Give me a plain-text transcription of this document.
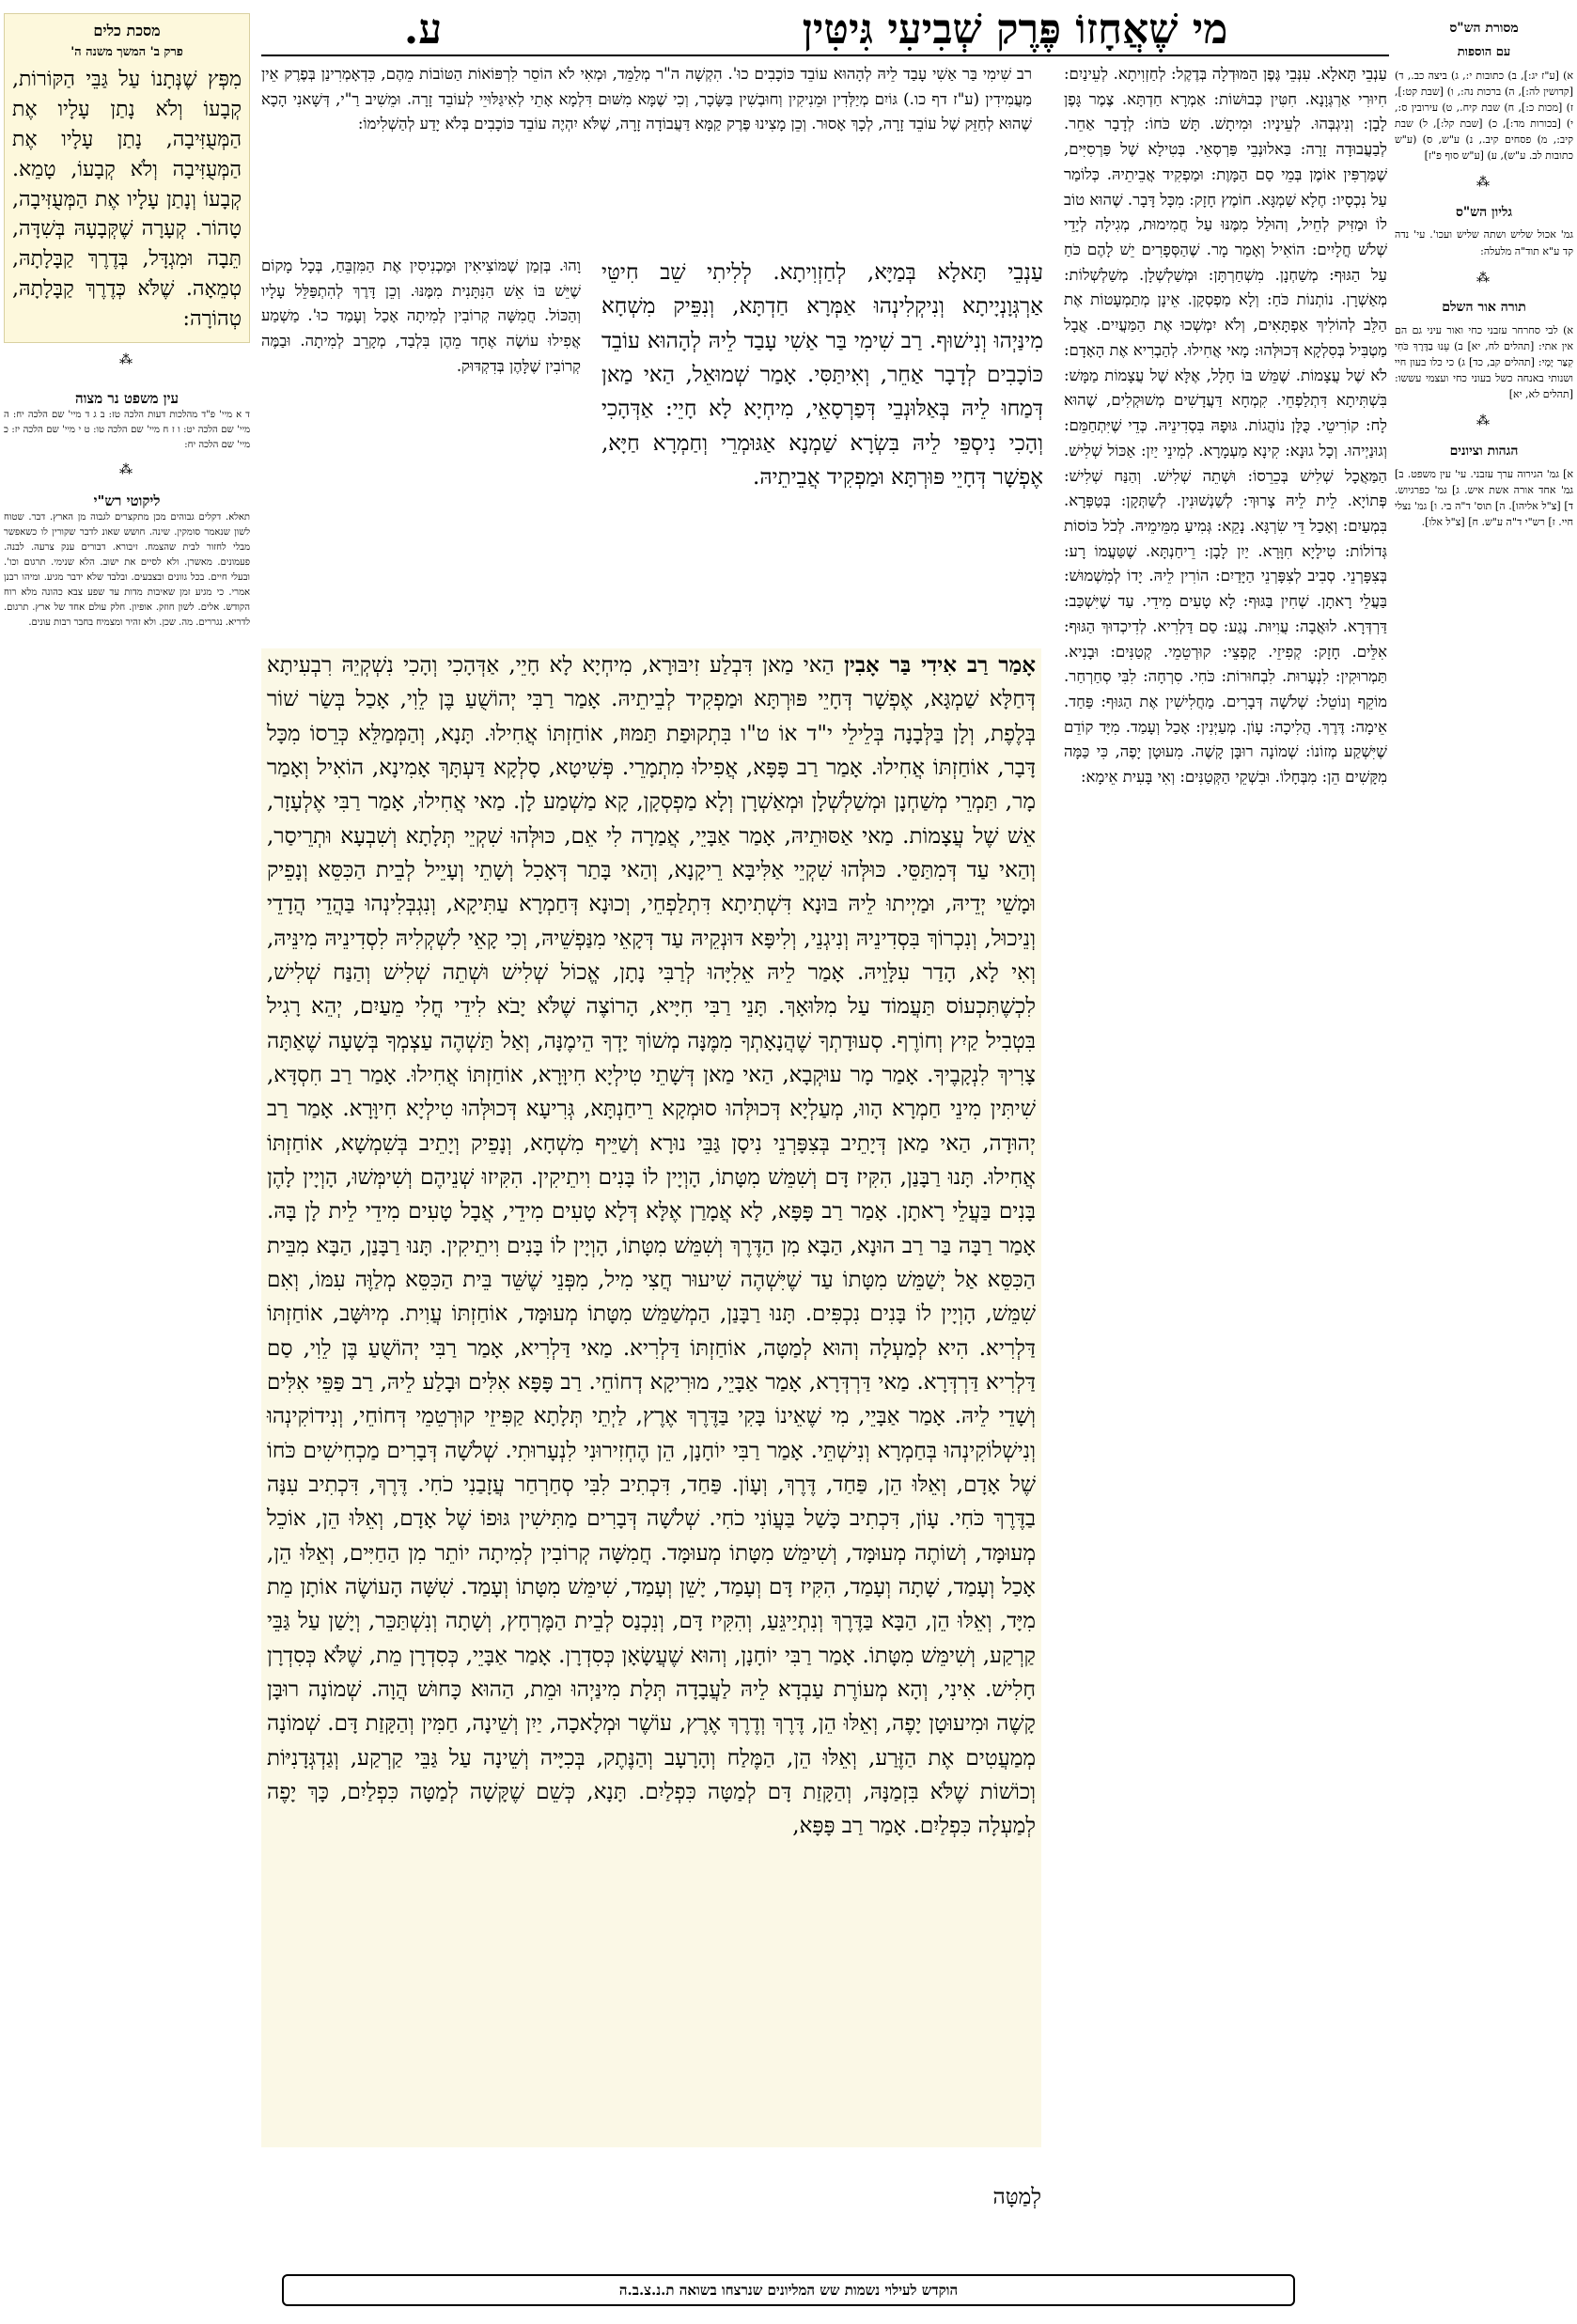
מי שֶׁאֲחָזוֹ פֶּרֶק שְׁבִיעִי גִּיטִּין
ע.	מסורת הש"ס
עם הוספות
א) [ע"ז יג:], ב) כתובות י:, ג) ביצה כב., ד) [קדושין לה:], ה) ברכות נה:, ו) [שבת קט:], ז) [מכות כ:], ח) שבת קיח., ט) עירובין ס:, י) [בכורות מד:], כ) [שבת קל:], ל) שבת קיב:, מ) פסחים קיב., נ) ע"ש, ס) (ע"ש כתובות לב. ע"ש), ע) [ע"ש סוף פ"ז]
⁂
גליון הש"ס
גמ' אכול שליש ושתה שליש ועכו'. עי' נדה קד ע"א תוד"ה מלעלה:
⁂
תורה אור השלם
א) לבי סחרחר עזבני כחי ואור עיני גם הם אין אתי: [תהלים לח, יא] ב) עֵנוּ בַדֶּרֶךְ כֹּחִי קִצַּר יָמָי: [תהלים קב, כד] ג) כי כלו בעון חיי ושנותי באנחה כשל בעוני כחי ועצמי עששו: [תהלים לא, יא]
⁂
הגהות וציונים
א] גמ' הגירוה ערך עזבני. עי' עין משפט. ב] גמ' אחד אורה אשת איש. ג] גמ' כפרגיוש. ד] [צ"ל אליהו]. ה] תוס' ד"ה בי. ו] גמ' נצלי חיי. ז] רש"י ד"ה ע"ש. ח] [צ"ל אלו].
מסכת כלים
פרק ב' המשך משנה ה'
מִפְּץ שֶׁנְּתָנוֹ עַל גַּבֵּי הַקּוֹרוֹת, קְבָעוֹ וְלֹא נָתַן עָלָיו אֶת הַמְּעֻזִּיבָה, נָתַן עָלָיו אֶת הַמְּעֻזִּיבָה וְלֹא קְבָעוֹ, טָמֵא. קְבָעוֹ וְנָתַן עָלָיו אֶת הַמְּעֻזִּיבָה, טָהוֹר. קְעָרָה שֶׁקְּבָעָהּ בְּשִׁדָּה, תֵּבָה וּמִגְדָּל, בְּדֶרֶךְ קַבָּלָתָהּ, טְמֵאָה. שֶׁלֹּא כְּדֶרֶךְ קַבָּלָתָהּ, טְהוֹרָה:
⁂
עין משפט נר מצוה
ד א מיי' פ"ד מהלכות דעות הלכה טז: ב ג ד מיי' שם הלכה יח: ה מיי' שם הלכה יט: ו ז ח מיי' שם הלכה טו: ט י מיי' שם הלכה יז: כ מיי' שם הלכה יח:
⁂
ליקוטי רש"י
תאלא. דקלים גבוהים מכן מתקצרים לגבוה מן הארץ. דבר. שטוח לשון שנאמר סומקין. שינה. חושש שאונ לדבר שקורין לו כשאפשר מבלי לחזור לבית שהצמח. זיבורא. דבורים ענק צרעה. לבנה. פעמונים. מאשרן. ולא לסיים את ישוב. הלא שנימי. תרגום וכו'. ובעלי חיים. בכל גוונים ובצבעים. ובלבד שלא ידבר מגיע. ומיהו רבנן אמרי. כי מגיע זמן שאיבות מדות עד שפע צבא כהונה מלא רוח הקודש. אלים. לשון חוזק. אופיון. חלק עולם אחד של ארץ. תרגום. לדריא. נגררים. מה. שכן. ולא זהיר ומצמיח בחבר רבות עונים.
עַנְבֵי תָּאלָא. עִנְּבֵי גֶּפֶן הַמּוּדְלָה בְּדֶקֶל: לְחַזְוִיתָא. לְעֵינַיִם: חִיוּרִי אַרְגְּוָנָא. חִטִּין כְּבוּשׁוֹת: אַמְרָא חַדְתָּא. צֶמֶר גָּפֶן לָבָן: וְנִיגְבְּהוּ. לְעֵינָיו: וּמִיתָשׁ. תָּשׁ כֹּחוֹ: לְדָבָר אַחֵר. לְבַעֲבוּדָה זָרָה: בַּאלוּנְבֵי פַּרְסְאֵי. בְּטִילָא שֶׁל פַּרְסִיִּים, שֶׁמַּרְפִּין אוֹמֶן בְּמֵי סַם הַמָּוֶת: וּמַפְקִיד אֲבֵיתֵיהּ. כְּלוֹמַר עַל נִכְסָיו: חֶלָא שַׁמְגָּא. חוֹמֶץ חָזָק: מִכָּל דָּבָר. שֶׁהוּא טוֹב לוֹ וּמַזִּיק לְחֵיל, וְהוּלַל מִמֶּנּוּ עַל חֲמִימוּת, מְגִילָה לְיָדֵי שְׁלֹשׁ חֳלָיִים: הוֹאִיל וְאָמַר מָר. שֶׁהַסְּפָרִים יֵשׁ לָהֶם כֹּחַ עַל הַגּוּף: מְשַׁחְנָן. מִשְׁחַרְתָּן: וּמְשַׁלְשְׁלָן. מְשַׁלְשְׁלוֹת: מְאַשְׁרָן. נוֹתְנוֹת כֹּחַ: וְלָא מַפְסְקָן. אֵינָן מְתַמְעָטוֹת אֶת הַלֵּב לְהוֹלִיךְ אַפְתָּאִים, וְלֹא יִמְשְׁכוּ אֶת הַמַּעֲיִים. אֲבָל מַטְבִּיל בְּסִלְקָא דְּכוּלְּהוּ: מָאי אֲחִילוּ. לְהַבְרִיא אֶת הָאָדָם: לֹא שֶׁל עֲצָמוֹת. שֶׁמֵּשׁ בּוֹ חָלָל, אֶלָּא שֶׁל עֲצָמוֹת מַמָּשׁ: בִּשְׁתִּיתָא דִּתְלַפְחֵי. קִמְחָא דַּעֲדָשִׁים מְשׁוּקְלִים, שֶׁהוּא לָח: קוֹרִיטֵי. כֻּלָּן נוֹהֲגוֹת. גּוּפָהּ בִּסְדִינֵיהּ. כְּדֵי שֶׁיִּתְחַמֵּם: וְגוּנַיְיהוּ. וְכָל גוּנָא: קִינָא מַעְמָרָא. לְמִינֵי יַיִן: אַכּוֹל שְׁלִישׁ. הַמַּאֲכָל שְׁלִישׁ בְּכֵרֵסוֹ: וּשְׁתֵה שְׁלִישׁ. וְהַנַּח שְׁלִישׁ: פְּתוֹיָא. לֵית לֵיהּ צָרוּךְ: לְשַׁנְשׁוּנִין. לְשַׁתְּקָן: בְּטַפְּרָא. בִּמְעַיִם: וְאָכַל דֵּי שִׂרְגָּא. נָקֵא: גְּמִיעַ מִמֵּימֵיהּ. לְכֹל כּוֹסוֹת גְּדוֹלוֹת: טִילָיָא חִוָּרָא. יַיִן לָבָן: רֵיחַנְתָּא. שֶׁטַּעֲמוֹ רָע: בְּצִפָּרְנֵי. סְבִיב לְצִפָּרְנֵי הַיָּדַיִם: הוֹרִין לֵיהּ. יָדוֹ לְמִשְׁמוּשׁ: בַּעֲלֵי רָאתָן. שְׁחִין בַּגּוּף: לָא טָעִים מִידֵי. עַד שֶׁיִּשְׁכַּב: דַּרְדְּרָא. לוּאֲבָה: עֲוִיוּת. נֶגַע: סַם דַּלְרִיא. לְדִיכְדוּךְ הַגּוּף: אִלֵּים. חָזָק: קְפִיזֵי. קָפְצֵי: קוּרְטֵמֵי. קְטַנִּים: וּבָנִיא. תַּמְרוּקִין: לִנְעָרוּת. לִבְחוּרוֹת: כֹּחִי. סִרְחָה: לִבִּי סְחַרְחַר. מוֹקֵף וְנוֹטֵל: שְׁלֹשָׁה דְּבָרִים. מַחֲלִישִׁין אֶת הַגּוּף: פַּחַד. אֵימָה: דֶּרֶךְ. הֲלִיכָה: עָוֹן. מְעַיְּנִין: אָכַל וְעָמַד. מִיָּד קוֹדֵם שֶׁיִּשְׁקַע מְזוֹנוֹ: שְׁמוֹנָה רוּבָּן קָשֶׁה. מִעוּטָן יָפֶה, כִּי כַּמָּה מִקָּשִׁים הֵן: מִבְּחָלוֹ. וּבִשְׁקֵי הַקְּטַנִּים: וְאִי בָּעִית אֵימָא:
רב שִׁימִי בַּר אַשִׁי עָבַד לֵיהּ לְהָהוּא עוֹבֵד כּוֹכָבִים כוּ'. הִקְשָׁה ה"ר מְלַמֵּד, וּמְאִי לֹא הוֹסֵר לִרְפּוֹאוֹת הַטּוֹבוֹת מֵהֶם, כִּדְאָמְרִינַן בְּפֶרֶק אֵין מַעֲמִידִין (ע"ז דף כו.) גּוֹיִם מְיַלְּדִין וּמֵנִיקִין וְחוּבְשִׁין בַּשָּׂכָר, וְכִי שֶׁמָּא מִשּׁוּם דִּלְמָא אָתֵי לְאִיגַּלּוּיֵי לְעוֹבֵד זָרָה. וּמֵשִׁיב רַ"י, דְּשָׁאנִי הָכָא שֶׁהוּא לְחַזֵּק שֶׁל עוֹבֵד זָרָה, לְכָךְ אָסוּר. וְכֵן מָצִינוּ פֶּרֶק קַמָּא דַּעֲבוֹדָה זָרָה, שֶׁלֹּא יִהְיֶה עוֹבֵד כּוֹכָבִים בְּלֹא יָדַע לְהַשְׁלִימוֹ:
וָהוּ. בְּזְמַן שֶׁמּוֹצִיאִין וּמַכְנִיסִין אֶת הַמִּזְבֵּחַ, בְּכָל מָקוֹם שֶׁיֵּשׁ בּוֹ אֵשׁ הַנִּתָּנִית מִמֶּנּוּ. וְכֵן דָּרֶךְ לְהִתְפַּלֵּל עָלָיו וְהַכּוֹל. חֲמִשָּׁה קְרוֹבִין לְמִיתָה אָכַל וְעָמַד כוּ'. מַשְׁמַע אֲפִילוּ עוֹשֶׂה אֶחָד מֵהֶן בִּלְבַד, מְקָרֵב לְמִיתָה. וּבַמֶּה קְרוֹבִין שֶׁלָּהֶן בְּדִקְדּוּק.
עַנְבֵי תָּאלָא בְּמַיָּא, לְחַזְוִיתָא. לְלִיתִי שֵׁב חִיטֵּי אַרְגְּוָנְיָיתָא וְנִיקְלִינְהוּ אַמְּרָא חַדְתָּא, וְנִפֵּיק מִשְׁחָא מִינַּיְהוּ וְנִישׁוּף. רַב שִׁימִי בַּר אַשִׁי עָבַד לֵיהּ לְהָהוּא עוֹבֵד כּוֹכָבִים לְדָבָר אַחֵר, וְאִיתַּסִּי. אָמַר שְׁמוּאֵל, הַאי מַאן דְּמַחוּ לֵיהּ בְּאַלּוּנְבֵי דְּפַרְסָאֵי, מִיחְיָא לָא חָיֵי: אַדְּהָכִי וְהָכִי נִיסְפֵּי לֵיהּ בִּשְׂרָא שַׁמְנָא אַגּוּמְרֵי וְחַמְרָא חַיָּא, אֶפְשָׁר דְּחָיֵי פּוּרְתָּא וּמַפְקִיד אֲבֵיתֵיהּ.
אָמַר רַב אִידִי בַּר אָבִין הַאי מַאן דִּבְלַע זִיבּוּרָא, מִיחְיָא לָא חָיֵי, אַדְּהָכִי וְהָכִי נִשְׁקְיֵהּ רִבְעִיתָא דְּחַלָּא שַׁמְגָּא, אֶפְשָׁר דְּחָיֵי פּוּרְתָּא וּמַפְקִיד לְבֵיתֵיהּ. אָמַר רַבִּי יְהוֹשֻׁעַ בֶּן לֵוִי, אָכַל בְּשַׂר שׁוֹר בְּלֶפֶת, וְלָן בַּלְּבָנָה בְּלֵילֵי י"ד אוֹ ט"ו בִּתְקוּפַת תַּמּוּז, אוֹחַזְתּוֹ אֲחִילוּ. תָּנָא, וְהַמְּמַלֵּא כְּרֵסוֹ מִכָּל דָּבָר, אוֹחַזְתּוֹ אֲחִילוּ. אָמַר רַב פָּפָּא, אֲפִילוּ מִתְמָרֵי. פְּשִׁיטָא, סָלְקָא דַּעְתָּךְ אָמִינָא, הוֹאִיל וְאָמַר מָר, תַּמְרֵי מְשַׁחְנָן וּמְשַׁלְשְׁלָן וּמְאַשְׁרָן וְלָא מַפְסְקָן, קָא מַשְׁמַע לָן. מַאי אֲחִילוּ, אָמַר רַבִּי אֶלְעָזָר, אֵשׁ שֶׁל עֲצָמוֹת. מַאי אַסּוּתֵיהּ, אָמַר אַבָּיֵי, אֲמַרָה לִי אֵם, כּוּלְּהוּ שִׁקְיֵי תְּלָתָא וְשִׁבְעָא וּתְרֵיסַר, וְהַאי עַד דְּמִתַּסֵּי. כּוּלְּהוּ שִׁקְיֵי אַלִּיבָּא רֵיקָנָא, וְהַאי בָּתַר דְּאָכִל וְשָׁתֵי וְעָיֵיל לְבֵית הַכִּסֵּא וְנָפֵיק וּמָשֵׁי יְדֵיהּ, וּמַיְיתוּ לֵיהּ בּוּנָא דִּשְׁתִיתָא דִּתְלַפְחֵי, וְכוּנָא דְּחַמְרָא עַתִּיקָא, וְנִגְבְּלִינְהוּ בַּהֲדֵי הֲדָדֵי וְנֵיכוּל, וְנִכְרוֹךְ בִּסְדִינֵיהּ וְנִיגְנֵי, וְלִיפָּא דּוּנְקֵיהּ עַד דְּקָאֵי מִנַּפְשֵׁיהּ, וְכִי קָאֵי לִשְׁקְלִיהּ לִסְדִינֵיהּ מִינֵּיהּ, וְאִי לָא, הָדַר עִלָּוֵיהּ. אָמַר לֵיהּ אֵלִיָּהוּ לְרַבִּי נָתָן, אֱכוֹל שְׁלִישׁ וּשְׁתֵה שְׁלִישׁ וְהַנַּח שְׁלִישׁ, לִכְשֶׁתִּכְעוֹס תַּעֲמוֹד עַל מִלּוּאָךְ. תָּנֵי רַבִּי חִיָּיא, הָרוֹצֶה שֶׁלֹּא יָבֹא לִידֵי חֳלִי מֵעַיִם, יְהֵא רָגִיל בִּטְבִיל קַיִץ וְחוֹרֶף. סְעוּדָתְךָ שֶׁהֲנָאָתְךָ מִמֶּנָּה מְשׁוֹךְ יָדְךָ הֵימֶנָּה, וְאַל תַּשְׁהֶה עַצְמְךָ בְּשָׁעָה שֶׁאַתָּה צָרִיךְ לִנְקָבֶיךָ. אָמַר מָר עוּקְבָא, הַאי מַאן דְּשָׁתֵי טִילְיָא חִיוָּרָא, אוֹחַזְתּוֹ אֲחִילוּ. אָמַר רַב חִסְדָּא, שִׁיתִּין מִינֵי חַמְרָא הָווּ, מְעַלְיָא דְּכוּלְּהוּ סוּמְקָא רֵיחַנְתָּא, גְּרִיעָא דְּכוּלְּהוּ טִילְיָא חִיוָּרָא. אָמַר רַב יְהוּדָה, הַאי מַאן דְּיָתֵיב בְּצִפָּרְנֵי נִיסָן גַּבֵּי נוּרָא וְשַׁיֵּיף מִשְׁחָא, וְנָפֵיק וְיָתֵיב בְּשִׁמְשָׁא, אוֹחַזְתּוֹ אֲחִילוּ. תָּנוּ רַבָּנַן, הִקִּיז דָּם וְשִׁמֵּשׁ מִטָּתוֹ, הָוְיָין לוֹ בָּנִים וִיתֵיקִין. הִקִּיזוּ שְׁנֵיהֶם וְשִׁימְּשׁוּ, הָוְיָין לָהֶן בָּנִים בַּעֲלֵי רָאתָן. אָמַר רַב פָּפָּא, לָא אֲמָרַן אֶלָּא דְּלָא טָעִים מִידֵי, אֲבָל טָעִים מִידֵי לֵית לָן בָּהּ. אָמַר רַבָּה בַּר רַב הוּנָא, הַבָּא מִן הַדֶּרֶךְ וְשִׁמֵּשׁ מִטָּתוֹ, הָוְיָין לוֹ בָּנִים וִיתֵיקִין. תָּנוּ רַבָּנַן, הַבָּא מִבֵּית הַכִּסֵּא אַל יְשַׁמֵּשׁ מִטָּתוֹ עַד שֶׁיִּשְׁהֶה שִׁיעוּר חֲצִי מִיל, מִפְּנֵי שֶׁשֵּׁד בֵּית הַכִּסֵּא מְלַוֶּה עִמּוֹ, וְאִם שִׁמֵּשׁ, הָוְיָין לוֹ בָּנִים נִכְפִּים. תָּנוּ רַבָּנַן, הַמְשַׁמֵּשׁ מִטָּתוֹ מְעוּמָּד, אוֹחַזְתּוֹ עֲוִית. מְיוּשָּׁב, אוֹחַזְתּוֹ דַּלְרִיא. הִיא לְמַעְלָה וְהוּא לְמַטָּה, אוֹחַזְתּוֹ דַּלְרִיא. מַאי דַּלְרִיא, אָמַר רַבִּי יְהוֹשֻׁעַ בֶּן לֵוִי, סַם דַּלְרִיא דַּרְדְּרָא. מַאי דַּרְדְּרָא, אָמַר אַבָּיֵי, מוּרִיקָא דְחוֹחֵי. רַב פָּפָּא אִלִּים וּבָלַע לֵיהּ, רַב פַּפֵּי אִלִּים וְשָׁדֵי לֵיהּ. אָמַר אַבָּיֵי, מִי שֶׁאֵינוֹ בָּקִי בַּדֶּרֶךְ אֶרֶץ, לַיְתֵי תְּלָתָא קַפִּיזֵי קוּרְטֵמֵי דְּחוֹחֵי, וְנִידוֹקִינְהוּ וְנִישְׁלוֹקִינְהוּ בְּחַמְרָא וְנִישְׁתֵּי. אָמַר רַבִּי יוֹחָנָן, הֵן הֶחְזִירוּנִי לִנְעָרוּתִי. שְׁלֹשָׁה דְּבָרִים מַכְחִישִׁים כֹּחוֹ שֶׁל אָדָם, וְאֵלּוּ הֵן, פַּחַד, דֶּרֶךְ, וְעָוֹן. פַּחַד, דִּכְתִיב לִבִּי סְחַרְחַר עֲזָבַנִי כֹחִי. דֶּרֶךְ, דִּכְתִיב עִנָּה בַדֶּרֶךְ כֹּחִי. עָוֹן, דִּכְתִיב כָּשַׁל בַּעֲוֹנִי כֹחִי. שְׁלֹשָׁה דְּבָרִים מַתִּישִׁין גּוּפוֹ שֶׁל אָדָם, וְאֵלּוּ הֵן, אוֹכֵל מְעוּמָּד, וְשׁוֹתֶה מְעוּמָּד, וְשִׁימֵּשׁ מִטָּתוֹ מְעוּמָּד. חֲמִשָּׁה קְרוֹבִין לְמִיתָה יוֹתֵר מִן הַחַיִּים, וְאֵלּוּ הֵן, אָכַל וְעָמַד, שָׁתָה וְעָמַד, הִקִּיז דָּם וְעָמַד, יָשֵׁן וְעָמַד, שִׁימֵּשׁ מִטָּתוֹ וְעָמַד. שִׁשָּׁה הָעוֹשֶׂה אוֹתָן מֵת מִיָּד, וְאֵלּוּ הֵן, הַבָּא בַּדֶּרֶךְ וְנִתְיַיגֵּעַ, וְהִקִּיז דָּם, וְנִכְנַס לְבֵית הַמֶּרְחָץ, וְשָׁתָה וְנִשְׁתַּכֵּר, וְיָשַׁן עַל גַּבֵּי קַרְקַע, וְשִׁימֵּשׁ מִטָּתוֹ. אָמַר רַבִּי יוֹחָנָן, וְהוּא שֶׁעֲשָׂאָן כְּסִדְרָן. אָמַר אַבָּיֵי, כְּסִדְרָן מֵת, שֶׁלֹּא כְּסִדְרָן חָלִישׁ. אִינִי, וְהָא מְעוֹרֶת עַבְדָא לֵיהּ לַעֲבָדָה תְּלָת מִינַּיְהוּ וּמֵת, הַהוּא כָּחוּשׁ הֲוָה. שְׁמוֹנָה רוּבָּן קָשֶׁה וּמִיעוּטָן יָפֶה, וְאֵלּוּ הֵן, דֶּרֶךְ וְדֶרֶךְ אֶרֶץ, עוֹשֶׁר וּמְלָאכָה, יַיִן וְשֵׁינָה, חַמִּין וְהַקָּזַת דָּם. שְׁמוֹנָה מְמַעֲטִים אֶת הַזֶּרַע, וְאֵלּוּ הֵן, הַמֶּלַח וְהָרָעָב וְהַנֶּתֶק, בְּכִיָּיה וְשֵׁינָה עַל גַּבֵּי קַרְקַע, וְגַדְגְּדָנִיּוֹת וְכוֹשׁוֹת שֶׁלֹּא בִּזְמַנָּהּ, וְהַקָּזַת דָּם לְמַטָּה כִּפְלַיִם. תָּנָא, כְּשֵׁם שֶׁקָּשָׁה לְמַטָּה כִּפְלַיִם, כָּךְ יָפֶה לְמַעְלָה כִּפְלַיִם. אָמַר רַב פָּפָּא,
לְמַטָּה
הוקדש לעילוי נשמות שש המליונים שנרצחו בשואה ת.נ.צ.ב.ה
